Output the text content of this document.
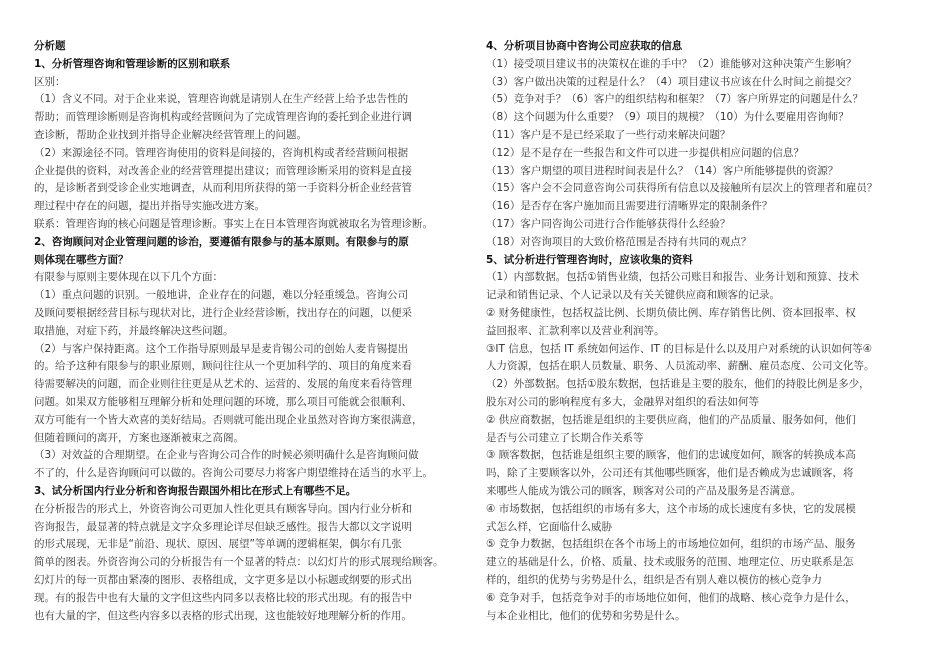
分析题
1、分析管理咨询和管理诊断的区别和联系
区别：
（1）含义不同。对于企业来说，管理咨询就是请别人在生产经营上给予忠告性的
帮助；而管理诊断则是咨询机构或经营顾问为了完成管理咨询的委托到企业进行调
查诊断，帮助企业找到并指导企业解决经营管理上的问题。
（2）来源途径不同。管理咨询使用的资料是间接的，咨询机构或者经营顾问根据
企业提供的资料，对改善企业的经营管理提出建议；而管理诊断采用的资料是直接
的，是诊断者到受诊企业实地调查，从而利用所获得的第一手资料分析企业经营管
理过程中存在的问题，提出并指导实施改进方案。
联系：管理咨询的核心问题是管理诊断。事实上在日本管理咨询就被取名为管理诊断。
2、咨询顾问对企业管理问题的诊治，要遵循有限参与的基本原则。有限参与的原
则体现在哪些方面？
有限参与原则主要体现在以下几个方面：
（1）重点问题的识别。一般地讲，企业存在的问题，难以分轻重缓急。咨询公司
及顾问要根据经营目标与现状对比，进行企业经营诊断，找出存在的问题，以便采
取措施，对症下药，并最终解决这些问题。
（2）与客户保持距离。这个工作指导原则最早是麦肯锡公司的创始人麦肯锡提出
的。给予这种有限参与的职业原则，顾问往往从一个更加科学的、项目的角度来看
待需要解决的问题，而企业则往往更是从艺术的、运营的、发展的角度来看待管理
问题。如果双方能够相互理解分析和处理问题的环境，那么项目可能就会很顺利、
双方可能有一个皆大欢喜的美好结局。否则就可能出现企业虽然对咨询方案很满意，
但随着顾问的离开，方案也逐渐被束之高阁。
（3）对效益的合理期望。在企业与咨询公司合作的时候必须明确什么是咨询顾问做
不了的，什么是咨询顾问可以做的。咨询公司要尽力将客户期望维持在适当的水平上。
3、试分析国内行业分析和咨询报告跟国外相比在形式上有哪些不足。
在分析报告的形式上，外资咨询公司更加人性化更具有顾客导向。国内行业分析和
咨询报告，最显著的特点就是文字众多理论详尽但缺乏感性。报告大都以文字说明
的形式展现，无非是“前沿、现状、原因、展望”等单调的逻辑框架，偶尔有几张
简单的图表。外资咨询公司的分析报告有一个显著的特点：以幻灯片的形式展现给顾客。
幻灯片的每一页都由紧凑的图形、表格组成，文字更多是以小标题或纲要的形式出
现。有的报告中也有大量的文字但这些内同多以表格比较的形式出现。有的报告中
也有大量的字，但这些内容多以表格的形式出现，这也能较好地理解分析的作用。
4、分析项目协商中咨询公司应获取的信息
（1）接受项目建议书的决策权在谁的手中？（2）谁能够对这种决策产生影响？
（3）客户做出决策的过程是什么？（4）项目建议书应该在什么时间之前提交？
（5）竞争对手？（6）客户的组织结构和框架？（7）客户所界定的问题是什么？
（8）这个问题为什么重要？（9）项目的规模？（10）为什么要雇用咨询师？
（11）客户是不是已经采取了一些行动来解决问题？
（12）是不是存在一些报告和文件可以进一步提供相应问题的信息？
（13）客户期望的项目进程时间表是什么？（14）客户所能够提供的资源？
（15）客户会不会同意咨询公司获得所有信息以及接触所有层次上的管理者和雇员？
（16）是否存在客户施加而且需要进行清晰界定的限制条件？
（17）客户同咨询公司进行合作能够获得什么经验？
（18）对咨询项目的大致价格范围是否持有共同的观点？
5、试分析进行管理咨询时，应该收集的资料
（1）内部数据。包括①销售业绩，包括公司账目和报告、业务计划和预算、技术
记录和销售记录、个人记录以及有关关键供应商和顾客的记录。
② 财务健康性，包括权益比例、长期负债比例、库存销售比例、资本回报率、权
益回报率、汇款利率以及营业利润等。
③IT 信息，包括 IT 系统如何运作、IT 的目标是什么以及用户对系统的认识如何等④
人力资源，包括在职人员数量、职务、人员流动率、薪酬、雇员态度、公司文化等。
（2）外部数据。包括①股东数据，包括谁是主要的股东，他们的持股比例是多少，
股东对公司的影响程度有多大，金融界对组织的看法如何等
② 供应商数据，包括谁是组织的主要供应商，他们的产品质量、服务如何，他们
是否与公司建立了长期合作关系等
③ 顾客数据，包括谁是组织主要的顾客，他们的忠诚度如何，顾客的转换成本高
吗，除了主要顾客以外，公司还有其他哪些顾客，他们是否赖成为忠诚顾客，将
来哪些人能成为饿公司的顾客，顾客对公司的产品及服务是否满意。
④ 市场数据，包括组织的市场有多大，这个市场的成长速度有多快，它的发展模
式怎么样，它面临什么威胁
⑤ 竞争力数据，包括组织在各个市场上的市场地位如何，组织的市场产品、服务
建立的基础是什么，价格、质量、技术或服务的范围、地理定位、历史联系是怎
样的，组织的优势与劣势是什么，组织是否有别人难以模仿的核心竞争力
⑥ 竞争对手，包括竞争对手的市场地位如何，他们的战略、核心竞争力是什么，
与本企业相比，他们的优势和劣势是什么。
